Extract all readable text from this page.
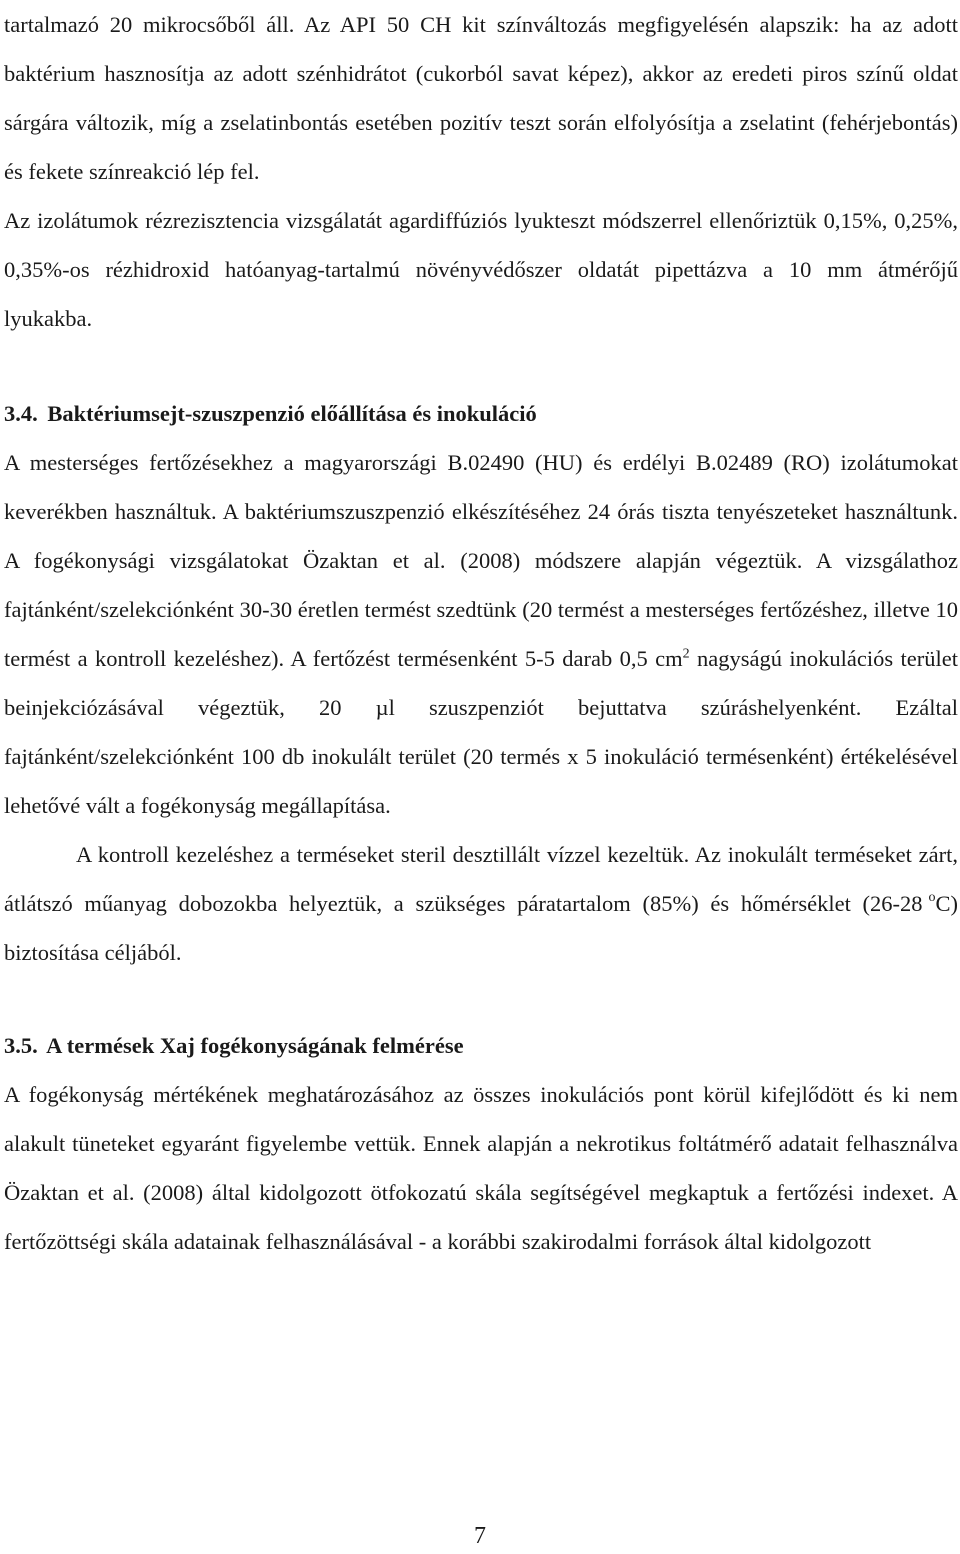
tartalmazó 20 mikrocsőből áll. Az API 50 CH kit színváltozás megfigyelésén alapszik: ha az adott baktérium hasznosítja az adott szénhidrátot (cukorból savat képez), akkor az eredeti piros színű oldat sárgára változik, míg a zselatinbontás esetében pozitív teszt során elfolyósítja a zselatint (fehérjebontás) és fekete színreakció lép fel.

Az izolátumok rézrezisztencia vizsgálatát agardiffúziós lyukteszt módszerrel ellenőriztük 0,15%, 0,25%, 0,35%-os rézhidroxid hatóanyag-tartalmú növényvédőszer oldatát pipettázva a 10 mm átmérőjű lyukakba.

3.4. Baktériumsejt-szuszpenzió előállítása és inokuláció

A mesterséges fertőzésekhez a magyarországi B.02490 (HU) és erdélyi B.02489 (RO) izolátumokat keverékben használtuk. A baktériumszuszpenzió elkészítéséhez 24 órás tiszta tenyészeteket használtunk. A fogékonysági vizsgálatokat Özaktan et al. (2008) módszere alapján végeztük. A vizsgálathoz fajtánként/szelekciónként 30-30 éretlen termést szedtünk (20 termést a mesterséges fertőzéshez, illetve 10 termést a kontroll kezeléshez). A fertőzést termésenként 5-5 darab 0,5 $cm^2$ nagyságú inokulációs terület beinjekciózásával végeztük, 20 µl szuszpenziót bejuttatva szúráshelyenként. Ezáltal fajtánként/szelekciónként 100 db inokulált terület (20 termés x 5 inokuláció termésenként) értékelésével lehetővé vált a fogékonyság megállapítása.

A kontroll kezeléshez a terméseket steril desztillált vízzel kezeltük. Az inokulált terméseket zárt, átlátszó műanyag dobozokba helyeztük, a szükséges páratartalom (85%) és hőmérséklet (26-28 $^o$C) biztosítása céljából.

3.5. A termések Xaj fogékonyságának felmérése

A fogékonyság mértékének meghatározásához az összes inokulációs pont körül kifejlődött és ki nem alakult tüneteket egyaránt figyelembe vettük. Ennek alapján a nekrotikus foltátmérő adatait felhasználva Özaktan et al. (2008) által kidolgozott ötfokozatú skála segítségével megkaptuk a fertőzési indexet. A fertőzöttségi skála adatainak felhasználásával - a korábbi szakirodalmi források által kidolgozott

7
